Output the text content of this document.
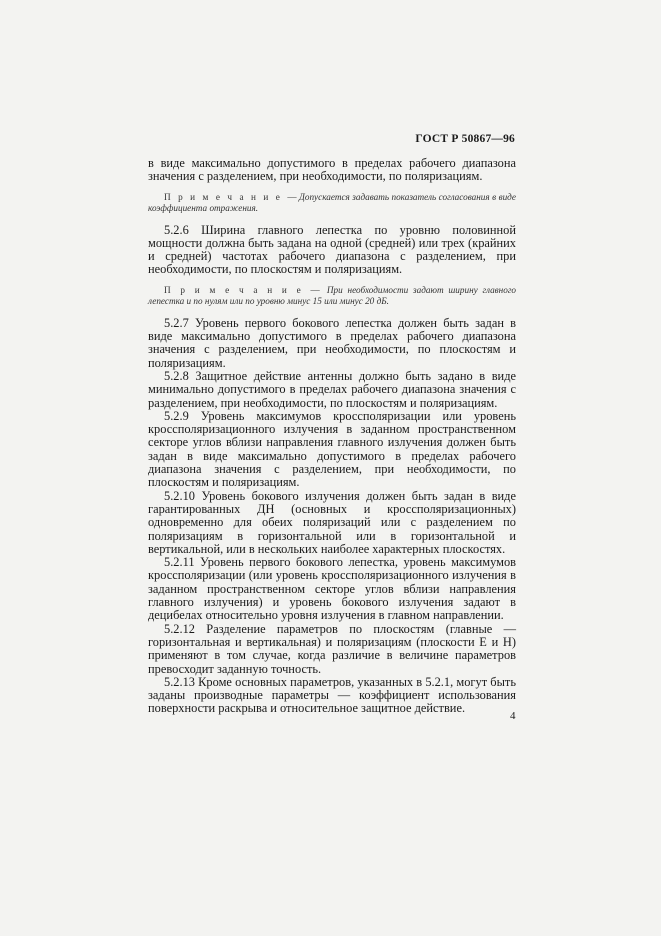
ГОСТ Р 50867—96

в виде максимально допустимого в пределах рабочего диапазона значения с разделением, при необходимости, по поляризациям.

П р и м е ч а н и е —Допускается задавать показатель согласования в виде коэффициента отражения.

5.2.6 Ширина главного лепестка по уровню половинной мощности должна быть задана на одной (средней) или трех (крайних и средней) частотах рабочего диапазона с разделением, при необходимости, по плоскостям и поляризациям.

П р и м е ч а н и е — При необходимости задают ширину главного лепестка и по нулям или по уровню минус 15 или минус 20 дБ.

5.2.7 Уровень первого бокового лепестка должен быть задан в виде максимально допустимого в пределах рабочего диапазона значения с разделением, при необходимости, по плоскостям и поляризациям.

5.2.8 Защитное действие антенны должно быть задано в виде минимально допустимого в пределах рабочего диапазона значения с разделением, при необходимости, по плоскостям и поляризациям.

5.2.9 Уровень максимумов кроссполяризации или уровень кроссполяризационного излучения в заданном пространственном секторе углов вблизи направления главного излучения должен быть задан в виде максимально допустимого в пределах рабочего диапазона значения с разделением, при необходимости, по плоскостям и поляризациям.

5.2.10 Уровень бокового излучения должен быть задан в виде гарантированных ДН (основных и кроссполяризационных) одновременно для обеих поляризаций или с разделением по поляризациям в горизонтальной или в горизонтальной и вертикальной, или в нескольких наиболее характерных плоскостях.

5.2.11 Уровень первого бокового лепестка, уровень максимумов кроссполяризации (или уровень кроссполяризационного излучения в заданном пространственном секторе углов вблизи направления главного излучения) и уровень бокового излучения задают в децибелах относительно уровня излучения в главном направлении.

5.2.12 Разделение параметров по плоскостям (главные — горизонтальная и вертикальная) и поляризациям (плоскости E и H) применяют в том случае, когда различие в величине параметров превосходит заданную точность.

5.2.13 Кроме основных параметров, указанных в 5.2.1, могут быть заданы производные параметры — коэффициент использования поверхности раскрыва и относительное защитное действие.

4
